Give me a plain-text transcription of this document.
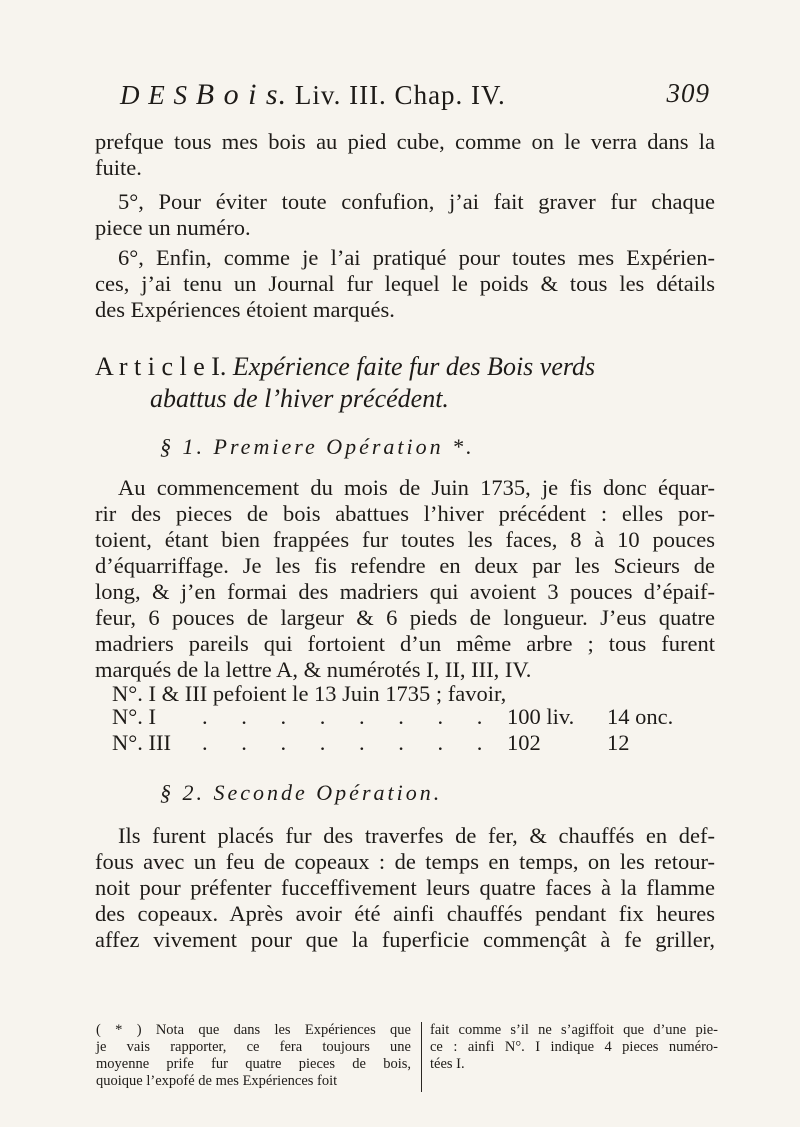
D E S B o i s. Liv. III. Chap. IV.	309
prefque tous mes bois au pied cube, comme on le verra dans la
fuite.
5°, Pour éviter toute confufion, j’ai fait graver fur chaque
piece un numéro.
6°, Enfin, comme je l’ai pratiqué pour toutes mes Expérien-
ces, j’ai tenu un Journal fur lequel le poids & tous les détails
des Expériences étoient marqués.
A r t i c l e I. Expérience faite fur des Bois verds
abattus de l’hiver précédent.
§ 1. Premiere Opération *.
Au commencement du mois de Juin 1735, je fis donc équar-
rir des pieces de bois abattues l’hiver précédent : elles por-
toient, étant bien frappées fur toutes les faces, 8 à 10 pouces
d’équarriffage. Je les fis refendre en deux par les Scieurs de
long, & j’en formai des madriers qui avoient 3 pouces d’épaif-
feur, 6 pouces de largeur & 6 pieds de longueur. J’eus quatre
madriers pareils qui fortoient d’un même arbre ; tous furent
marqués de la lettre A, & numérotés I, II, III, IV.
N°. I & III pefoient le 13 Juin 1735 ; favoir,
N°. I . . . . . . . . 100 liv. 14 onc.
N°. III . . . . . . . . 102	12
§ 2. Seconde Opération.
Ils furent placés fur des traverfes de fer, & chauffés en def-
fous avec un feu de copeaux : de temps en temps, on les retour-
noit pour préfenter fucceffivement leurs quatre faces à la flamme
des copeaux. Après avoir été ainfi chauffés pendant fix heures
affez vivement pour que la fuperficie commençât à fe griller,
( * ) Nota que dans les Expériences que
je vais rapporter, ce fera toujours une
moyenne prife fur quatre pieces de bois,
quoique l’expofé de mes Expériences foit
fait comme s’il ne s’agiffoit que d’une pie-
ce : ainfi N°. I indique 4 pieces numéro-
tées I.
